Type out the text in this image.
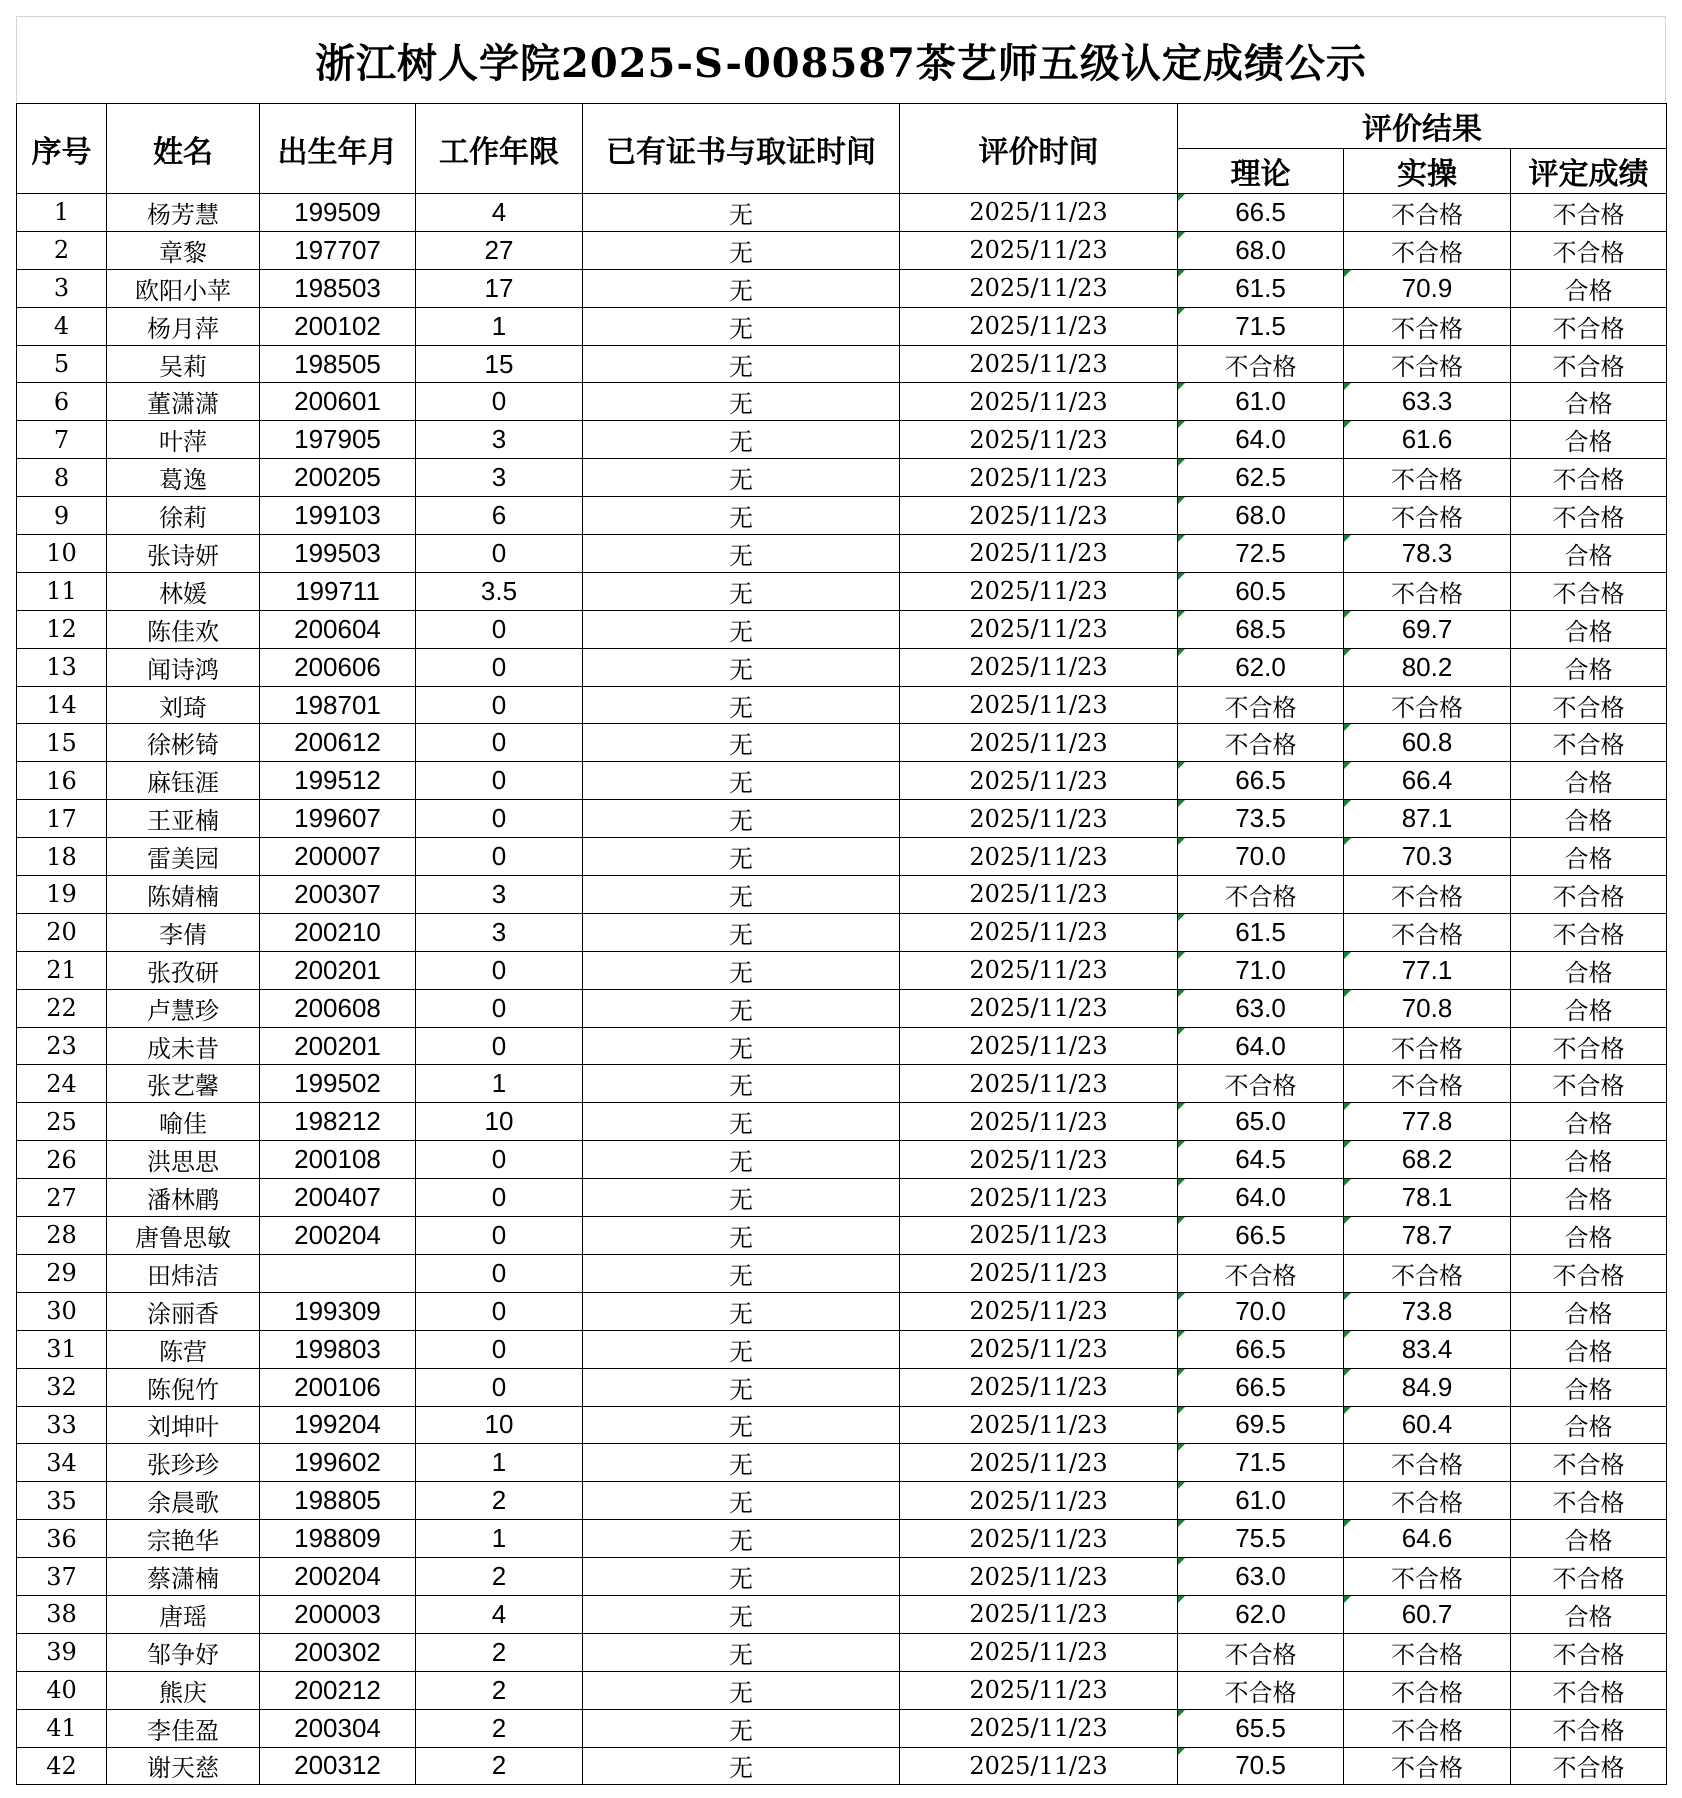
浙江树人学院2025-S-008587茶艺师五级认定成绩公示
序号	姓名	出生年月	工作年限	已有证书与取证时间	评价时间	评价结果		
						理论	实操	评定成绩
1	杨芳慧	199509	4	无	2025/11/23	66.5	不合格	不合格
2	章黎	197707	27	无	2025/11/23	68.0	不合格	不合格
3	欧阳小苹	198503	17	无	2025/11/23	61.5	70.9	合格
4	杨月萍	200102	1	无	2025/11/23	71.5	不合格	不合格
5	吴莉	198505	15	无	2025/11/23	不合格	不合格	不合格
6	董潇潇	200601	0	无	2025/11/23	61.0	63.3	合格
7	叶萍	197905	3	无	2025/11/23	64.0	61.6	合格
8	葛逸	200205	3	无	2025/11/23	62.5	不合格	不合格
9	徐莉	199103	6	无	2025/11/23	68.0	不合格	不合格
10	张诗妍	199503	0	无	2025/11/23	72.5	78.3	合格
11	林媛	199711	3.5	无	2025/11/23	60.5	不合格	不合格
12	陈佳欢	200604	0	无	2025/11/23	68.5	69.7	合格
13	闻诗鸿	200606	0	无	2025/11/23	62.0	80.2	合格
14	刘琦	198701	0	无	2025/11/23	不合格	不合格	不合格
15	徐彬锜	200612	0	无	2025/11/23	不合格	60.8	不合格
16	麻钰涯	199512	0	无	2025/11/23	66.5	66.4	合格
17	王亚楠	199607	0	无	2025/11/23	73.5	87.1	合格
18	雷美园	200007	0	无	2025/11/23	70.0	70.3	合格
19	陈婧楠	200307	3	无	2025/11/23	不合格	不合格	不合格
20	李倩	200210	3	无	2025/11/23	61.5	不合格	不合格
21	张孜研	200201	0	无	2025/11/23	71.0	77.1	合格
22	卢慧珍	200608	0	无	2025/11/23	63.0	70.8	合格
23	成未昔	200201	0	无	2025/11/23	64.0	不合格	不合格
24	张艺馨	199502	1	无	2025/11/23	不合格	不合格	不合格
25	喻佳	198212	10	无	2025/11/23	65.0	77.8	合格
26	洪思思	200108	0	无	2025/11/23	64.5	68.2	合格
27	潘林鹛	200407	0	无	2025/11/23	64.0	78.1	合格
28	唐鲁思敏	200204	0	无	2025/11/23	66.5	78.7	合格
29	田炜洁		0	无	2025/11/23	不合格	不合格	不合格
30	涂丽香	199309	0	无	2025/11/23	70.0	73.8	合格
31	陈营	199803	0	无	2025/11/23	66.5	83.4	合格
32	陈倪竹	200106	0	无	2025/11/23	66.5	84.9	合格
33	刘坤叶	199204	10	无	2025/11/23	69.5	60.4	合格
34	张珍珍	199602	1	无	2025/11/23	71.5	不合格	不合格
35	余晨歌	198805	2	无	2025/11/23	61.0	不合格	不合格
36	宗艳华	198809	1	无	2025/11/23	75.5	64.6	合格
37	蔡潇楠	200204	2	无	2025/11/23	63.0	不合格	不合格
38	唐瑶	200003	4	无	2025/11/23	62.0	60.7	合格
39	邹争妤	200302	2	无	2025/11/23	不合格	不合格	不合格
40	熊庆	200212	2	无	2025/11/23	不合格	不合格	不合格
41	李佳盈	200304	2	无	2025/11/23	65.5	不合格	不合格
42	谢天慈	200312	2	无	2025/11/23	70.5	不合格	不合格
